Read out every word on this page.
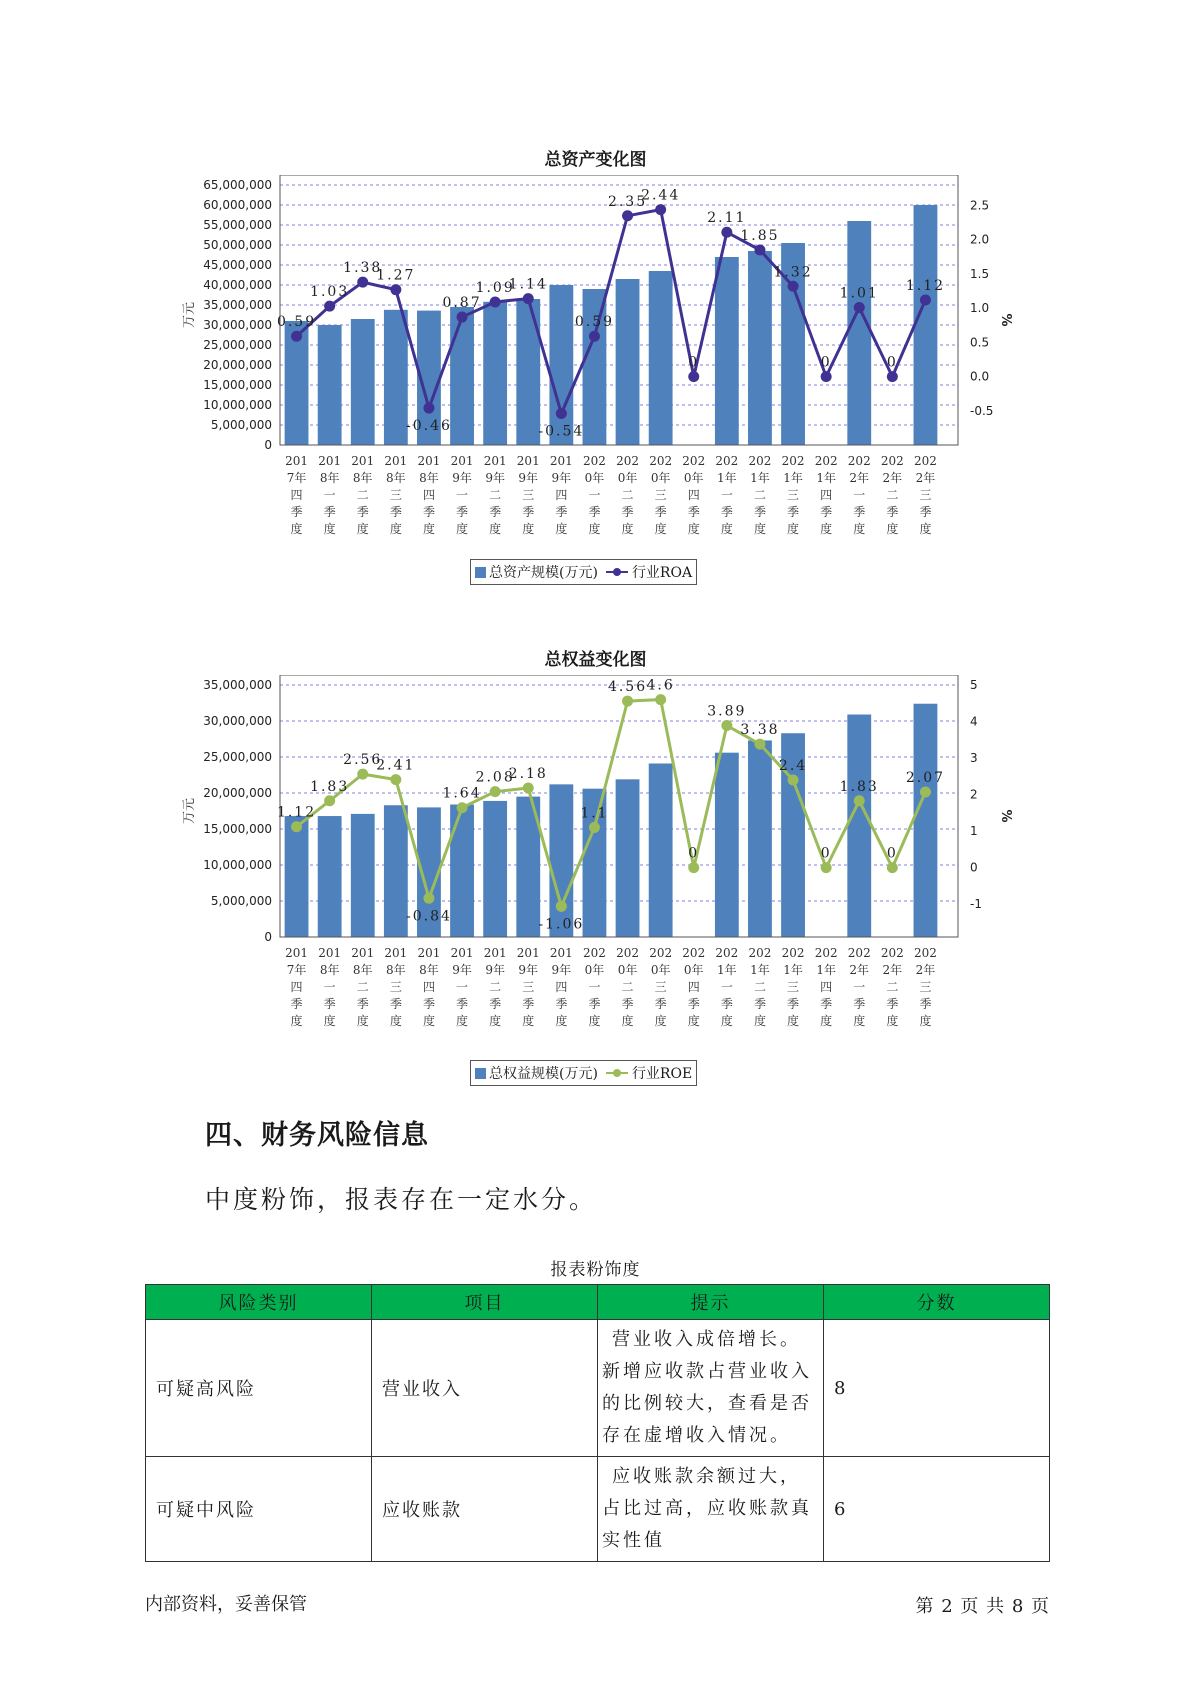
总资产变化图
65,000,000
60,000,000
55,000,000
50,000,000
45,000,000
40,000,000
35,000,000
30,000,000
25,000,000
20,000,000
15,000,000
10,000,000
5,000,000
0
万元
2.5
2.0
1.5
1.0
0.5
0.0
-0.5
%
201 7年四季度
201 8年一季度
201 8年二季度
201 8年三季度
201 8年四季度
201 9年一季度
201 9年二季度
201 9年三季度
201 9年四季度
202 0年一季度
202 0年二季度
202 0年三季度
202 0年四季度
202 1年一季度
202 1年二季度
202 1年三季度
202 1年四季度
202 2年一季度
202 2年二季度
202 2年三季度
0.59
1.03
1.38
1.27
-0.46
0.87
1.09
1.14
-0.54
0.59
2.35
2.44
0
2.11
1.85
1.32
0
1.01
0
1.12
总资产规模(万元) 行业ROA
总权益变化图
35,000,000
30,000,000
25,000,000
20,000,000
15,000,000
10,000,000
5,000,000
0
万元
5
4
3
2
1
0
-1
%
201 7年四季度
201 8年一季度
201 8年二季度
201 8年三季度
201 8年四季度
201 9年一季度
201 9年二季度
201 9年三季度
201 9年四季度
202 0年一季度
202 0年二季度
202 0年三季度
202 0年四季度
202 1年一季度
202 1年二季度
202 1年三季度
202 1年四季度
202 2年一季度
202 2年二季度
202 2年三季度
1.12
1.83
2.56
2.41
-0.84
1.64
2.08
2.18
-1.06
1.1
4.56 4.6
0
3.89
3.38
2.4
0
1.83
0
2.07
总权益规模(万元) 行业ROE
四、财务风险信息
中度粉饰，报表存在一定水分。
报表粉饰度
风险类别	项目	提示	分数
可疑高风险	营业收入	营业收入成倍增长。新增应收款占营业收入的比例较大，查看是否存在虚增收入情况。	8
可疑中风险	应收账款	应收账款余额过大，占比过高，应收账款真实性值	6
内部资料，妥善保管	第 2 页 共 8 页
